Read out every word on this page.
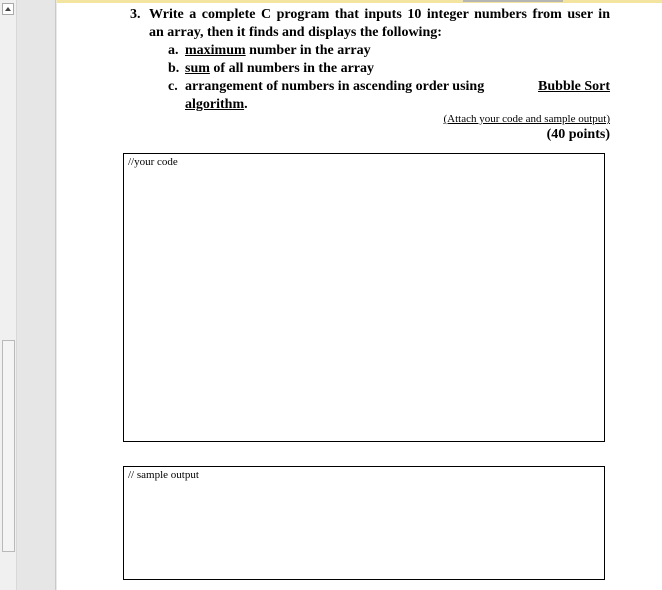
3. Write a complete C program that inputs 10 integer numbers from user in
an array, then it finds and displays the following:
a. maximum number in the array
b. sum of all numbers in the array
c. arrangement of numbers in ascending order using	Bubble Sort
algorithm.
(Attach your code and sample output)
(40 points)
//your code
// sample output
